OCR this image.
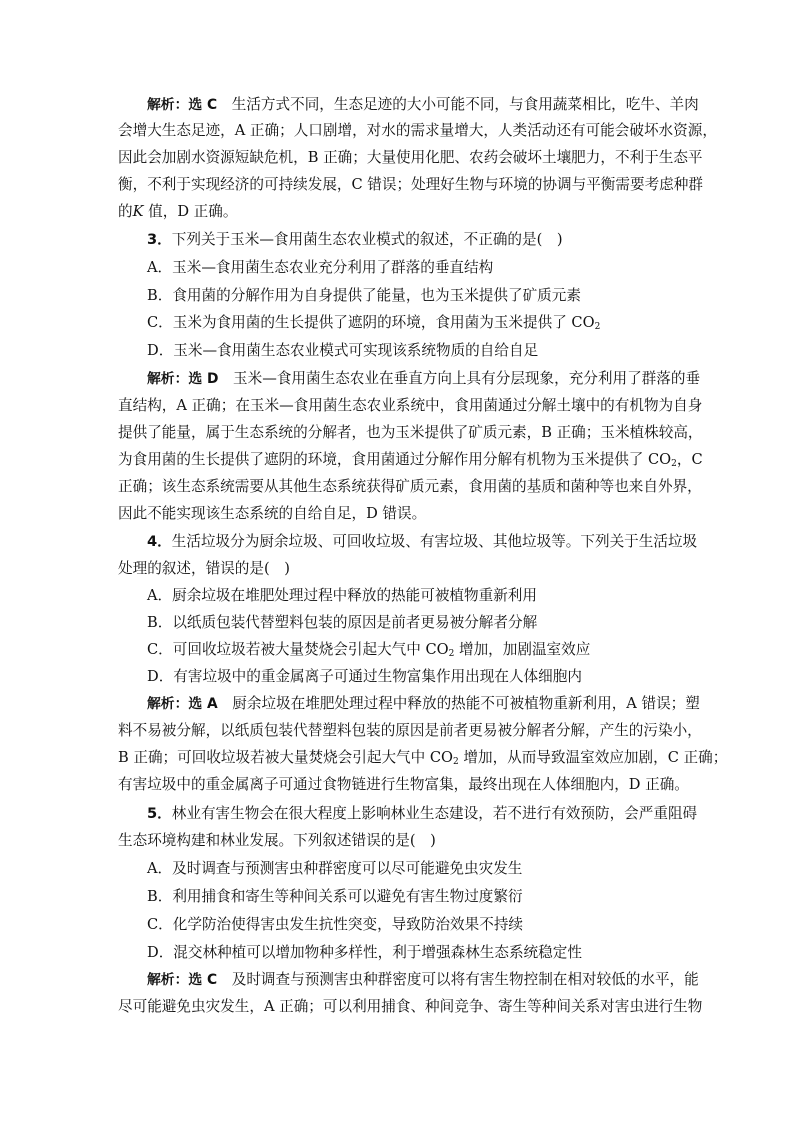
解析：选 C　生活方式不同，生态足迹的大小可能不同，与食用蔬菜相比，吃牛、羊肉
会增大生态足迹，A 正确；人口剧增，对水的需求量增大，人类活动还有可能会破坏水资源，
因此会加剧水资源短缺危机，B 正确；大量使用化肥、农药会破坏土壤肥力，不利于生态平
衡，不利于实现经济的可持续发展，C 错误；处理好生物与环境的协调与平衡需要考虑种群
的K 值，D 正确。
3．下列关于玉米—食用菌生态农业模式的叙述，不正确的是(　)
A．玉米—食用菌生态农业充分利用了群落的垂直结构
B．食用菌的分解作用为自身提供了能量，也为玉米提供了矿质元素
C．玉米为食用菌的生长提供了遮阴的环境，食用菌为玉米提供了 $CO_2$
D．玉米—食用菌生态农业模式可实现该系统物质的自给自足
解析：选 D　玉米—食用菌生态农业在垂直方向上具有分层现象，充分利用了群落的垂
直结构，A 正确；在玉米—食用菌生态农业系统中，食用菌通过分解土壤中的有机物为自身
提供了能量，属于生态系统的分解者，也为玉米提供了矿质元素，B 正确；玉米植株较高，
为食用菌的生长提供了遮阴的环境，食用菌通过分解作用分解有机物为玉米提供了 $CO_2$，C
正确；该生态系统需要从其他生态系统获得矿质元素，食用菌的基质和菌种等也来自外界，
因此不能实现该生态系统的自给自足，D 错误。
4．生活垃圾分为厨余垃圾、可回收垃圾、有害垃圾、其他垃圾等。下列关于生活垃圾
处理的叙述，错误的是(　)
A．厨余垃圾在堆肥处理过程中释放的热能可被植物重新利用
B．以纸质包装代替塑料包装的原因是前者更易被分解者分解
C．可回收垃圾若被大量焚烧会引起大气中 $CO_2$ 增加，加剧温室效应
D．有害垃圾中的重金属离子可通过生物富集作用出现在人体细胞内
解析：选 A　厨余垃圾在堆肥处理过程中释放的热能不可被植物重新利用，A 错误；塑
料不易被分解，以纸质包装代替塑料包装的原因是前者更易被分解者分解，产生的污染小，
B 正确；可回收垃圾若被大量焚烧会引起大气中 $CO_2$ 增加，从而导致温室效应加剧，C 正确；
有害垃圾中的重金属离子可通过食物链进行生物富集，最终出现在人体细胞内，D 正确。
5．林业有害生物会在很大程度上影响林业生态建设，若不进行有效预防，会严重阻碍
生态环境构建和林业发展。下列叙述错误的是(　)
A．及时调查与预测害虫种群密度可以尽可能避免虫灾发生
B．利用捕食和寄生等种间关系可以避免有害生物过度繁衍
C．化学防治使得害虫发生抗性突变，导致防治效果不持续
D．混交林种植可以增加物种多样性，利于增强森林生态系统稳定性
解析：选 C　及时调查与预测害虫种群密度可以将有害生物控制在相对较低的水平，能
尽可能避免虫灾发生，A 正确；可以利用捕食、种间竞争、寄生等种间关系对害虫进行生物
